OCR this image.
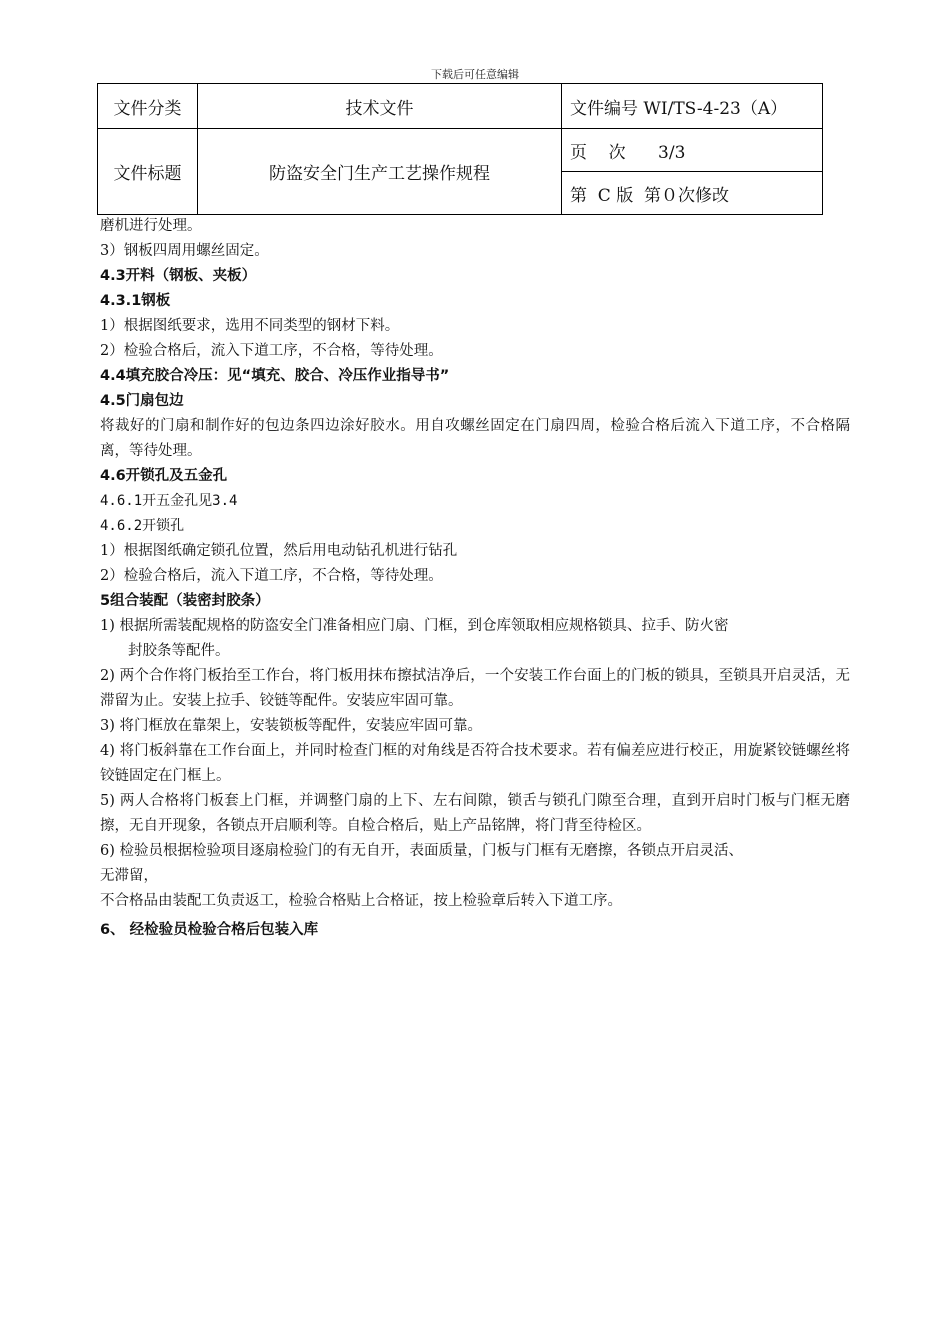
下载后可任意编辑
文件分类	技术文件	文件编号 WI/TS-4-23（A）
文件标题	防盗安全门生产工艺操作规程	页    次      3/3
		第  C 版  第０次修改
磨机进行处理。
3）钢板四周用螺丝固定。
4.3开料（钢板、夹板）
4.3.1钢板
1）根据图纸要求，选用不同类型的钢材下料。
2）检验合格后，流入下道工序，不合格，等待处理。
4.4填充胶合冷压：见“填充、胶合、冷压作业指导书”
4.5门扇包边
将裁好的门扇和制作好的包边条四边涂好胶水。用自攻螺丝固定在门扇四周，检验合格后流入下道工序，不合格隔离，等待处理。
4.6开锁孔及五金孔
4.6.1开五金孔见3.4
4.6.2开锁孔
1）根据图纸确定锁孔位置，然后用电动钻孔机进行钻孔
2）检验合格后，流入下道工序，不合格，等待处理。
5组合装配（装密封胶条）
1) 根据所需装配规格的防盗安全门准备相应门扇、门框，到仓库领取相应规格锁具、拉手、防火密
封胶条等配件。
2) 两个合作将门板抬至工作台，将门板用抹布擦拭洁净后，一个安装工作台面上的门板的锁具，至锁具开启灵活，无滞留为止。安装上拉手、铰链等配件。安装应牢固可靠。
3) 将门框放在靠架上，安装锁板等配件，安装应牢固可靠。
4) 将门板斜靠在工作台面上，并同时检查门框的对角线是否符合技术要求。若有偏差应进行校正，用旋紧铰链螺丝将铰链固定在门框上。
5) 两人合格将门板套上门框，并调整门扇的上下、左右间隙，锁舌与锁孔门隙至合理，直到开启时门板与门框无磨擦，无自开现象，各锁点开启顺利等。自检合格后，贴上产品铭牌，将门背至待检区。
6) 检验员根据检验项目逐扇检验门的有无自开，表面质量，门板与门框有无磨擦，各锁点开启灵活、
无滞留，
不合格品由装配工负责返工，检验合格贴上合格证，按上检验章后转入下道工序。
6、 经检验员检验合格后包装入库
